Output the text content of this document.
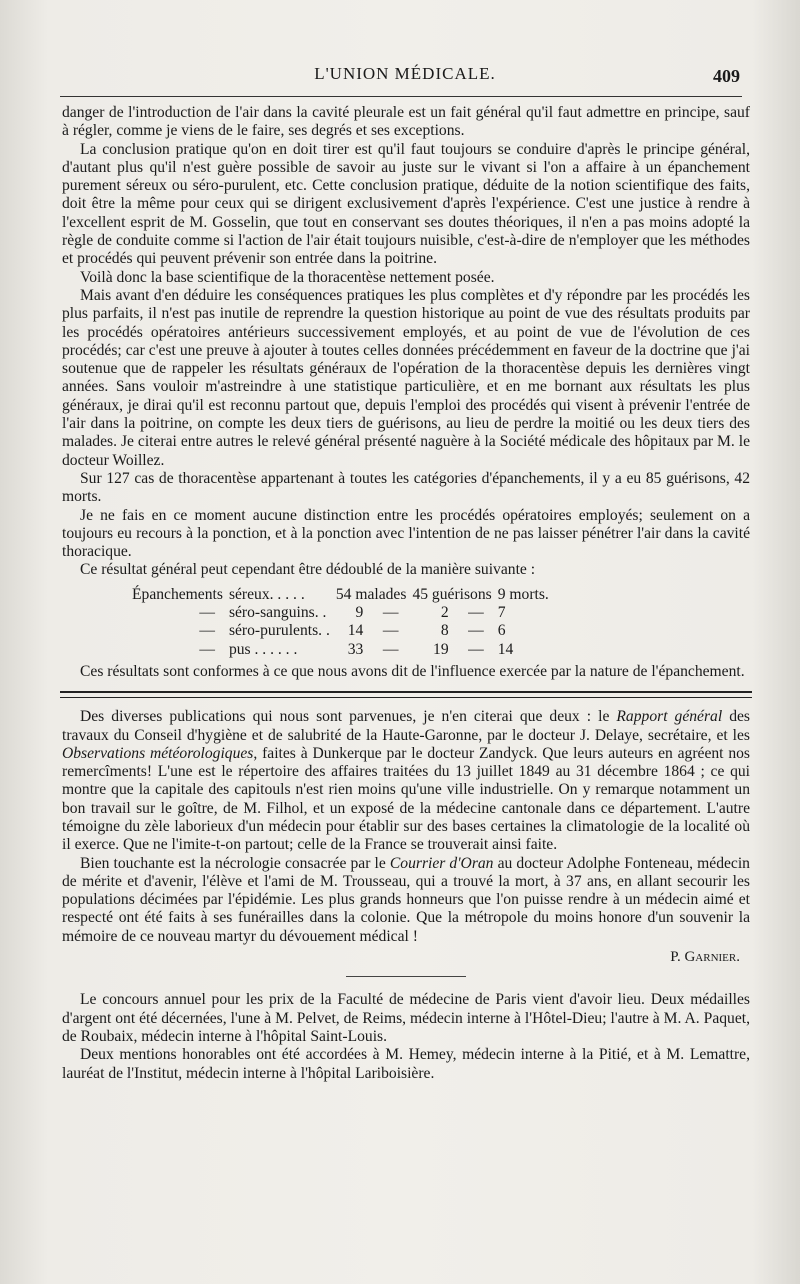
L'UNION MÉDICALE.	409

danger de l'introduction de l'air dans la cavité pleurale est un fait général qu'il faut admettre en principe, sauf à régler, comme je viens de le faire, ses degrés et ses exceptions.

La conclusion pratique qu'on en doit tirer est qu'il faut toujours se conduire d'après le principe général, d'autant plus qu'il n'est guère possible de savoir au juste sur le vivant si l'on a affaire à un épanchement purement séreux ou séro-purulent, etc. Cette conclusion pratique, déduite de la notion scientifique des faits, doit être la même pour ceux qui se dirigent exclusivement d'après l'expérience. C'est une justice à rendre à l'excellent esprit de M. Gosselin, que tout en conservant ses doutes théoriques, il n'en a pas moins adopté la règle de conduite comme si l'action de l'air était toujours nuisible, c'est-à-dire de n'employer que les méthodes et procédés qui peuvent prévenir son entrée dans la poitrine.

Voilà donc la base scientifique de la thoracentèse nettement posée.

Mais avant d'en déduire les conséquences pratiques les plus complètes et d'y répondre par les procédés les plus parfaits, il n'est pas inutile de reprendre la question historique au point de vue des résultats produits par les procédés opératoires antérieurs successivement employés, et au point de vue de l'évolution de ces procédés; car c'est une preuve à ajouter à toutes celles données précédemment en faveur de la doctrine que j'ai soutenue que de rappeler les résultats généraux de l'opération de la thoracentèse depuis les dernières vingt années. Sans vouloir m'astreindre à une statistique particulière, et en me bornant aux résultats les plus généraux, je dirai qu'il est reconnu partout que, depuis l'emploi des procédés qui visent à prévenir l'entrée de l'air dans la poitrine, on compte les deux tiers de guérisons, au lieu de perdre la moitié ou les deux tiers des malades. Je citerai entre autres le relevé général présenté naguère à la Société médicale des hôpitaux par M. le docteur Woillez.

Sur 127 cas de thoracentèse appartenant à toutes les catégories d'épanchements, il y a eu 85 guérisons, 42 morts.

Je ne fais en ce moment aucune distinction entre les procédés opératoires employés; seulement on a toujours eu recours à la ponction, et à la ponction avec l'intention de ne pas laisser pénétrer l'air dans la cavité thoracique.

Ce résultat général peut cependant être dédoublé de la manière suivante :

Épanchements	séreux. . . . .	54 malades	45 guérisons	9 morts.
—	séro-sanguins. .	9 —	2 —	7
—	séro-purulents. .	14 —	8 —	6
—	pus . . . . . .	33 —	19 —	14

Ces résultats sont conformes à ce que nous avons dit de l'influence exercée par la nature de l'épanchement.

Des diverses publications qui nous sont parvenues, je n'en citerai que deux : le Rapport général des travaux du Conseil d'hygiène et de salubrité de la Haute-Garonne, par le docteur J. Delaye, secrétaire, et les Observations météorologiques, faites à Dunkerque par le docteur Zandyck. Que leurs auteurs en agréent nos remercîments! L'une est le répertoire des affaires traitées du 13 juillet 1849 au 31 décembre 1864 ; ce qui montre que la capitale des capitouls n'est rien moins qu'une ville industrielle. On y remarque notamment un bon travail sur le goître, de M. Filhol, et un exposé de la médecine cantonale dans ce département. L'autre témoigne du zèle laborieux d'un médecin pour établir sur des bases certaines la climatologie de la localité où il exerce. Que ne l'imite-t-on partout; celle de la France se trouverait ainsi faite.

Bien touchante est la nécrologie consacrée par le Courrier d'Oran au docteur Adolphe Fonteneau, médecin de mérite et d'avenir, l'élève et l'ami de M. Trousseau, qui a trouvé la mort, à 37 ans, en allant secourir les populations décimées par l'épidémie. Les plus grands honneurs que l'on puisse rendre à un médecin aimé et respecté ont été faits à ses funérailles dans la colonie. Que la métropole du moins honore d'un souvenir la mémoire de ce nouveau martyr du dévouement médical !

P. Garnier.

Le concours annuel pour les prix de la Faculté de médecine de Paris vient d'avoir lieu. Deux médailles d'argent ont été décernées, l'une à M. Pelvet, de Reims, médecin interne à l'Hôtel-Dieu; l'autre à M. A. Paquet, de Roubaix, médecin interne à l'hôpital Saint-Louis.

Deux mentions honorables ont été accordées à M. Hemey, médecin interne à la Pitié, et à M. Lemattre, lauréat de l'Institut, médecin interne à l'hôpital Lariboisière.
